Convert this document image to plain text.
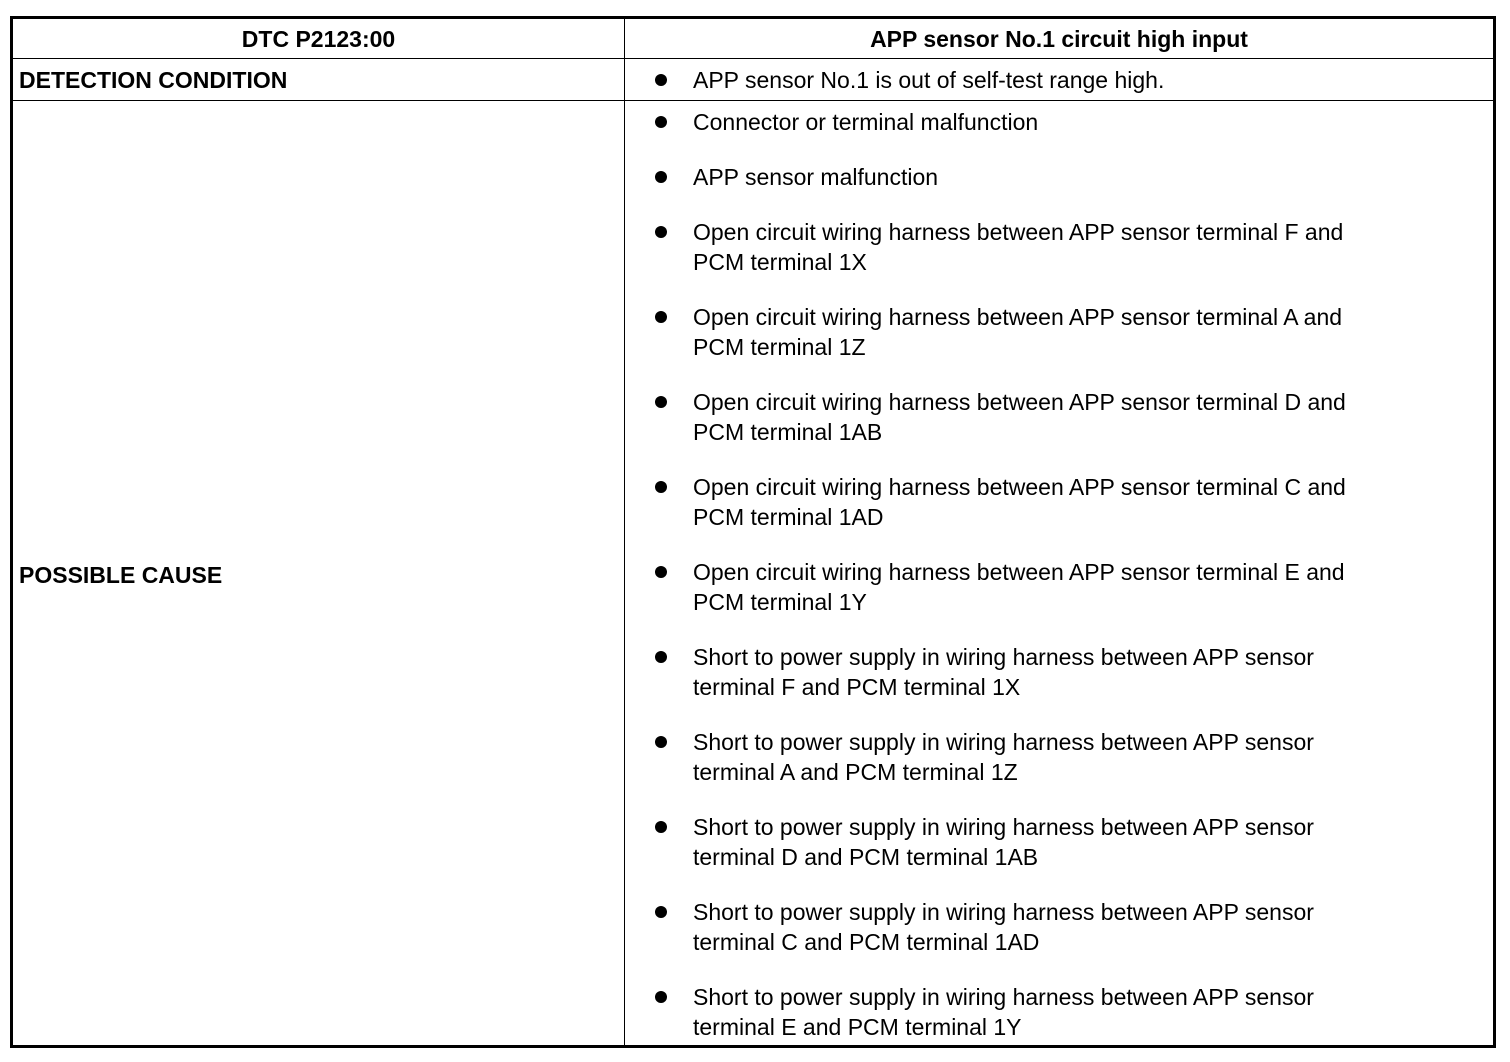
DTC P2123:00	APP sensor No.1 circuit high input
DETECTION CONDITION
POSSIBLE CAUSE
APP sensor No.1 is out of self-test range high.
Connector or terminal malfunction
APP sensor malfunction
Open circuit wiring harness between APP sensor terminal F and
PCM terminal 1X
Open circuit wiring harness between APP sensor terminal A and
PCM terminal 1Z
Open circuit wiring harness between APP sensor terminal D and
PCM terminal 1AB
Open circuit wiring harness between APP sensor terminal C and
PCM terminal 1AD
Open circuit wiring harness between APP sensor terminal E and
PCM terminal 1Y
Short to power supply in wiring harness between APP sensor
terminal F and PCM terminal 1X
Short to power supply in wiring harness between APP sensor
terminal A and PCM terminal 1Z
Short to power supply in wiring harness between APP sensor
terminal D and PCM terminal 1AB
Short to power supply in wiring harness between APP sensor
terminal C and PCM terminal 1AD
Short to power supply in wiring harness between APP sensor
terminal E and PCM terminal 1Y
